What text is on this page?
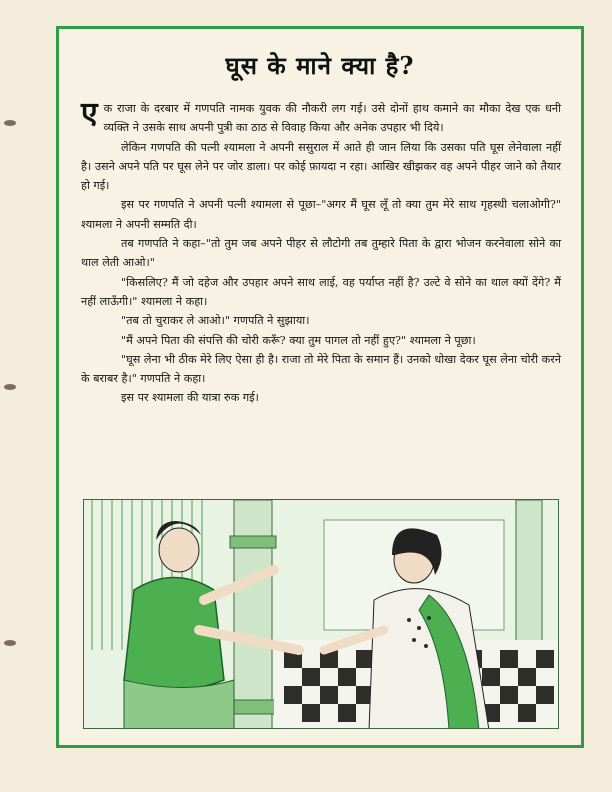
घूस के माने क्या है?

एक राजा के दरबार में गणपति नामक युवक की नौकरी लग गई। उसे दोनों हाथ कमाने का मौका देख एक धनी व्यक्ति ने उसके साथ अपनी पुत्री का ठाठ से विवाह किया और अनेक उपहार भी दिये।

लेकिन गणपति की पत्नी श्यामला ने अपनी ससुराल में आते ही जान लिया कि उसका पति घूस लेनेवाला नहीं है। उसने अपने पति पर घूस लेने पर जोर डाला। पर कोई फ़ायदा न रहा। आखिर खीझकर वह अपने पीहर जाने को तैयार हो गई।

इस पर गणपति ने अपनी पत्नी श्यामला से पूछा–"अगर मैं घूस लूँ तो क्या तुम मेरे साथ गृहस्थी चलाओगी?" श्यामला ने अपनी सम्मति दी।

तब गणपति ने कहा–"तो तुम जब अपने पीहर से लौटोगी तब तुम्हारे पिता के द्वारा भोजन करनेवाला सोने का थाल लेती आओ।"

"किसलिए? मैं जो दहेज और उपहार अपने साथ लाई, वह पर्याप्त नहीं है? उल्टे वे सोने का थाल क्यों देंगे? मैं नहीं लाऊँगी।" श्यामला ने कहा।

"तब तो चुराकर ले आओ।" गणपति ने सुझाया।

"मैं अपने पिता की संपत्ति की चोरी करूँ? क्या तुम पागल तो नहीं हुए?" श्यामला ने पूछा।

"घूस लेना भी ठीक मेरे लिए ऐसा ही है। राजा तो मेरे पिता के समान हैं। उनको धोखा देकर घूस लेना चोरी करने के बराबर है।" गणपति ने कहा।

इस पर श्यामला की यात्रा रुक गई।
